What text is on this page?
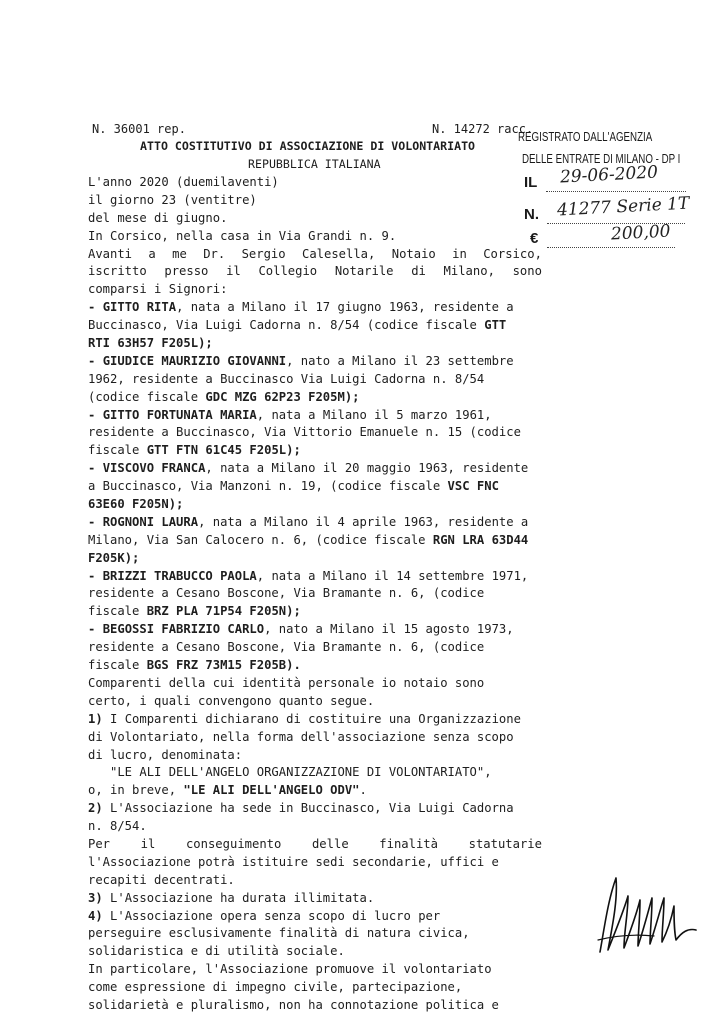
N. 36001 rep.	N. 14272 racc.
ATTO COSTITUTIVO DI ASSOCIAZIONE DI VOLONTARIATO
REPUBBLICA ITALIANA
REGISTRATO DALL'AGENZIA
DELLE ENTRATE DI MILANO - DP I
IL 29-06-2020
N. 41277 Serie 1T
€	200,00
L'anno 2020 (duemilaventi)
il giorno 23 (ventitre)
del mese di giugno.
In Corsico, nella casa in Via Grandi n. 9.
Avanti a me Dr. Sergio Calesella, Notaio in Corsico,
iscritto presso il Collegio Notarile di Milano, sono
comparsi i Signori:
- GITTO RITA, nata a Milano il 17 giugno 1963, residente a
Buccinasco, Via Luigi Cadorna n. 8/54 (codice fiscale GTT
RTI 63H57 F205L);
- GIUDICE MAURIZIO GIOVANNI, nato a Milano il 23 settembre
1962, residente a Buccinasco Via Luigi Cadorna n. 8/54
(codice fiscale GDC MZG 62P23 F205M);
- GITTO FORTUNATA MARIA, nata a Milano il 5 marzo 1961,
residente a Buccinasco, Via Vittorio Emanuele n. 15 (codice
fiscale GTT FTN 61C45 F205L);
- VISCOVO FRANCA, nata a Milano il 20 maggio 1963, residente
a Buccinasco, Via Manzoni n. 19, (codice fiscale VSC FNC
63E60 F205N);
- ROGNONI LAURA, nata a Milano il 4 aprile 1963, residente a
Milano, Via San Calocero n. 6, (codice fiscale RGN LRA 63D44
F205K);
- BRIZZI TRABUCCO PAOLA, nata a Milano il 14 settembre 1971,
residente a Cesano Boscone, Via Bramante n. 6, (codice
fiscale BRZ PLA 71P54 F205N);
- BEGOSSI FABRIZIO CARLO, nato a Milano il 15 agosto 1973,
residente a Cesano Boscone, Via Bramante n. 6, (codice
fiscale BGS FRZ 73M15 F205B).
Comparenti della cui identità personale io notaio sono
certo, i quali convengono quanto segue.
1) I Comparenti dichiarano di costituire una Organizzazione
di Volontariato, nella forma dell'associazione senza scopo
di lucro, denominata:
"LE ALI DELL'ANGELO ORGANIZZAZIONE DI VOLONTARIATO",
o, in breve, "LE ALI DELL'ANGELO ODV".
2) L'Associazione ha sede in Buccinasco, Via Luigi Cadorna
n. 8/54.
Per	il	conseguimento	delle	finalità	statutarie
l'Associazione potrà istituire sedi secondarie, uffici e
recapiti decentrati.
3) L'Associazione ha durata illimitata.
4) L'Associazione opera senza scopo di lucro per
perseguire esclusivamente finalità di natura civica,
solidaristica e di utilità sociale.
In particolare, l'Associazione promuove il volontariato
come espressione di impegno civile, partecipazione,
solidarietà e pluralismo, non ha connotazione politica e
